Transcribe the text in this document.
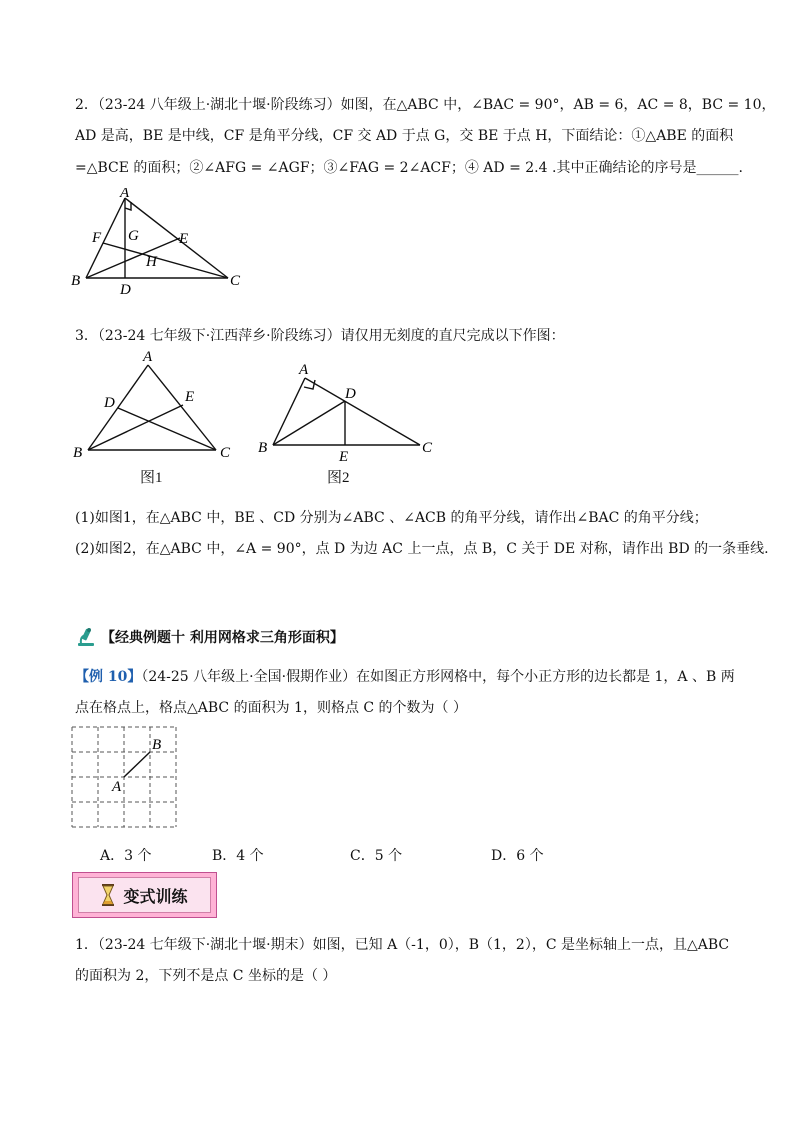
2．（23-24 八年级上·湖北十堰·阶段练习）如图，在△ABC 中，∠BAC = 90°，AB = 6，AC = 8，BC = 10，
AD 是高，BE 是中线，CF 是角平分线，CF 交 AD 于点 G，交 BE 于点 H，下面结论：①△ABE 的面积
=△BCE 的面积；②∠AFG = ∠AGF；③∠FAG = 2∠ACF；④ AD = 2.4 .其中正确结论的序号是______.
A
B	C
D
E
F G
H
3．（23-24 七年级下·江西萍乡·阶段练习）请仅用无刻度的直尺完成以下作图：
A
B	C
D	E
图1
A
B	C
D
E
图2
(1)如图1，在△ABC 中，BE 、CD 分别为∠ABC 、∠ACB 的角平分线，请作出∠BAC 的角平分线；
(2)如图2，在△ABC 中，∠A = 90°，点 D 为边 AC 上一点，点 B，C 关于 DE 对称，请作出 BD 的一条垂线.
【经典例题十 利用网格求三角形面积】
【例 10】（24-25 八年级上·全国·假期作业）在如图正方形网格中，每个小正方形的边长都是 1，A 、B 两
点在格点上，格点△ABC 的面积为 1，则格点 C 的个数为（ ）
A
B
A．3 个	B．4 个	C．5 个	D．6 个
变式训练
1．（23-24 七年级下·湖北十堰·期末）如图，已知 A（-1，0），B（1，2），C 是坐标轴上一点，且△ABC
的面积为 2，下列不是点 C 坐标的是（ ）
